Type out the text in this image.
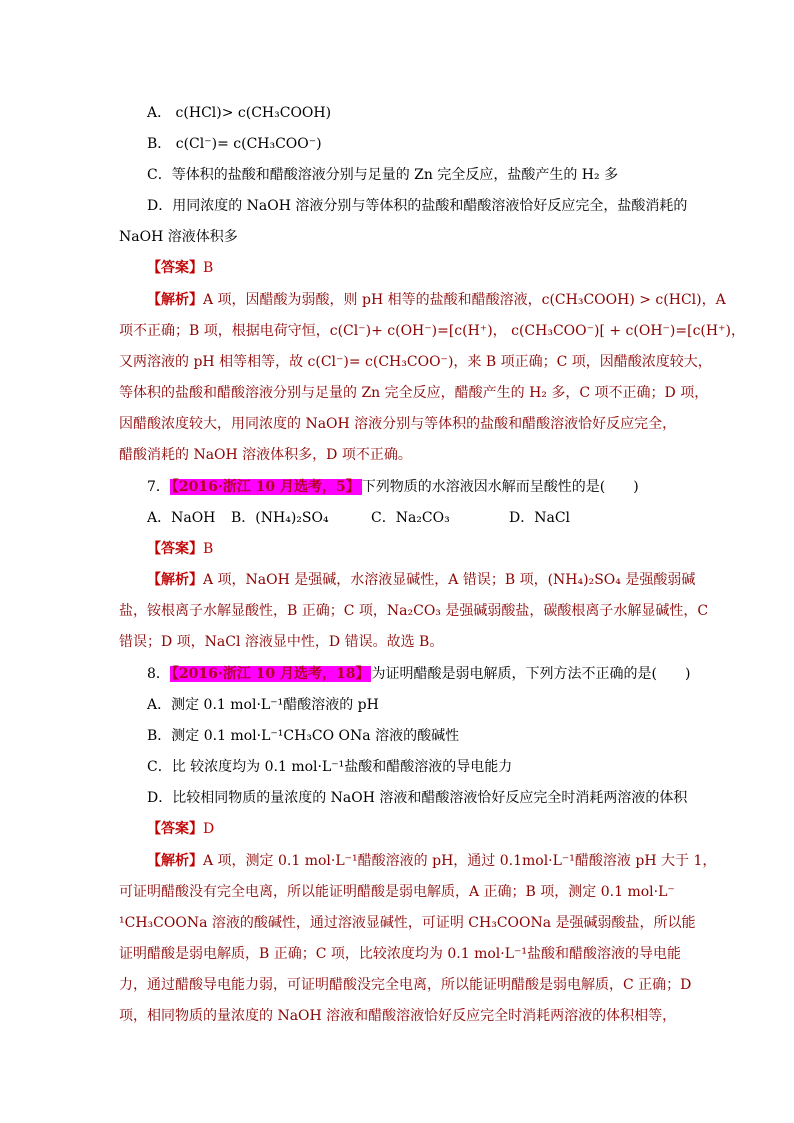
A． c(HCl)> c(CH₃COOH)
B． c(Cl⁻)= c(CH₃COO⁻)
C．等体积的盐酸和醋酸溶液分别与足量的 Zn 完全反应，盐酸产生的 H₂ 多
D．用同浓度的 NaOH 溶液分别与等体积的盐酸和醋酸溶液恰好反应完全，盐酸消耗的
NaOH 溶液体积多
【答案】B
【解析】A 项，因醋酸为弱酸，则 pH 相等的盐酸和醋酸溶液，c(CH₃COOH) > c(HCl)，A
项不正确；B 项，根据电荷守恒，c(Cl⁻)+ c(OH⁻)=[c(H⁺)， c(CH₃COO⁻)[ + c(OH⁻)=[c(H⁺)，
又两溶液的 pH 相等相等，故 c(Cl⁻)= c(CH₃COO⁻)，来 B 项正确；C 项，因醋酸浓度较大，
等体积的盐酸和醋酸溶液分别与足量的 Zn 完全反应，醋酸产生的 H₂ 多，C 项不正确；D 项，
因醋酸浓度较大，用同浓度的 NaOH 溶液分别与等体积的盐酸和醋酸溶液恰好反应完全，
醋酸消耗的 NaOH 溶液体积多，D 项不正确。
7． 【2016·浙江 10 月选考，5】 下列物质的水溶液因水解而呈酸性的是(　　)
A．NaOH B．(NH₄)₂SO₄	C．Na₂CO₃	D．NaCl
【答案】B
【解析】A 项，NaOH 是强碱，水溶液显碱性，A 错误；B 项，(NH₄)₂SO₄ 是强酸弱碱
盐，铵根离子水解显酸性，B 正确；C 项，Na₂CO₃ 是强碱弱酸盐，碳酸根离子水解显碱性，C
错误；D 项，NaCl 溶液显中性，D 错误。故选 B。
8． 【2016·浙江 10 月选考，18】 为证明醋酸是弱电解质，下列方法不正确的是(　　)
A．测定 0.1 mol·L⁻¹醋酸溶液的 pH
B．测定 0.1 mol·L⁻¹CH₃CO ONa 溶液的酸碱性
C．比 较浓度均为 0.1 mol·L⁻¹盐酸和醋酸溶液的导电能力
D．比较相同物质的量浓度的 NaOH 溶液和醋酸溶液恰好反应完全时消耗两溶液的体积
【答案】D
【解析】A 项，测定 0.1 mol·L⁻¹醋酸溶液的 pH，通过 0.1mol·L⁻¹醋酸溶液 pH 大于 1，
可证明醋酸没有完全电离，所以能证明醋酸是弱电解质，A 正确；B 项，测定 0.1 mol·L⁻
¹CH₃COONa 溶液的酸碱性，通过溶液显碱性，可证明 CH₃COONa 是强碱弱酸盐，所以能
证明醋酸是弱电解质，B 正确；C 项，比较浓度均为 0.1 mol·L⁻¹盐酸和醋酸溶液的导电能
力，通过醋酸导电能力弱，可证明醋酸没完全电离，所以能证明醋酸是弱电解质，C 正确；D
项，相同物质的量浓度的 NaOH 溶液和醋酸溶液恰好反应完全时消耗两溶液的体积相等，
